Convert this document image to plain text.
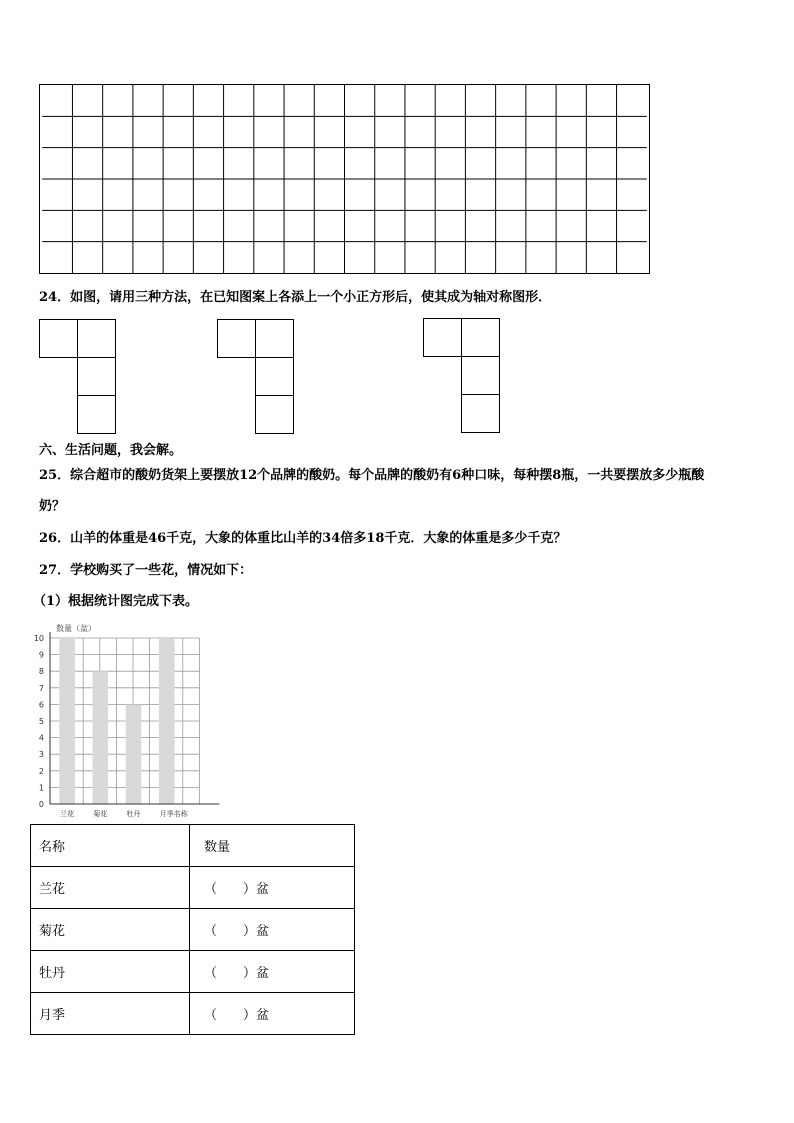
24．如图，请用三种方法，在已知图案上各添上一个小正方形后，使其成为轴对称图形．
六、生活问题，我会解。
25．综合超市的酸奶货架上要摆放12个品牌的酸奶。每个品牌的酸奶有6种口味，每种摆8瓶，一共要摆放多少瓶酸
奶？
26．山羊的体重是46千克，大象的体重比山羊的34倍多18千克．大象的体重是多少千克？
27．学校购买了一些花，情况如下：
（1）根据统计图完成下表。
数量（盆）
兰花	菊花	牡丹	月季
0
1
2
3
4
5
6
7
8
9
10
名称
名称	数量
兰花	（　　）盆
菊花	（　　）盆
牡丹	（　　）盆
月季	（　　）盆
